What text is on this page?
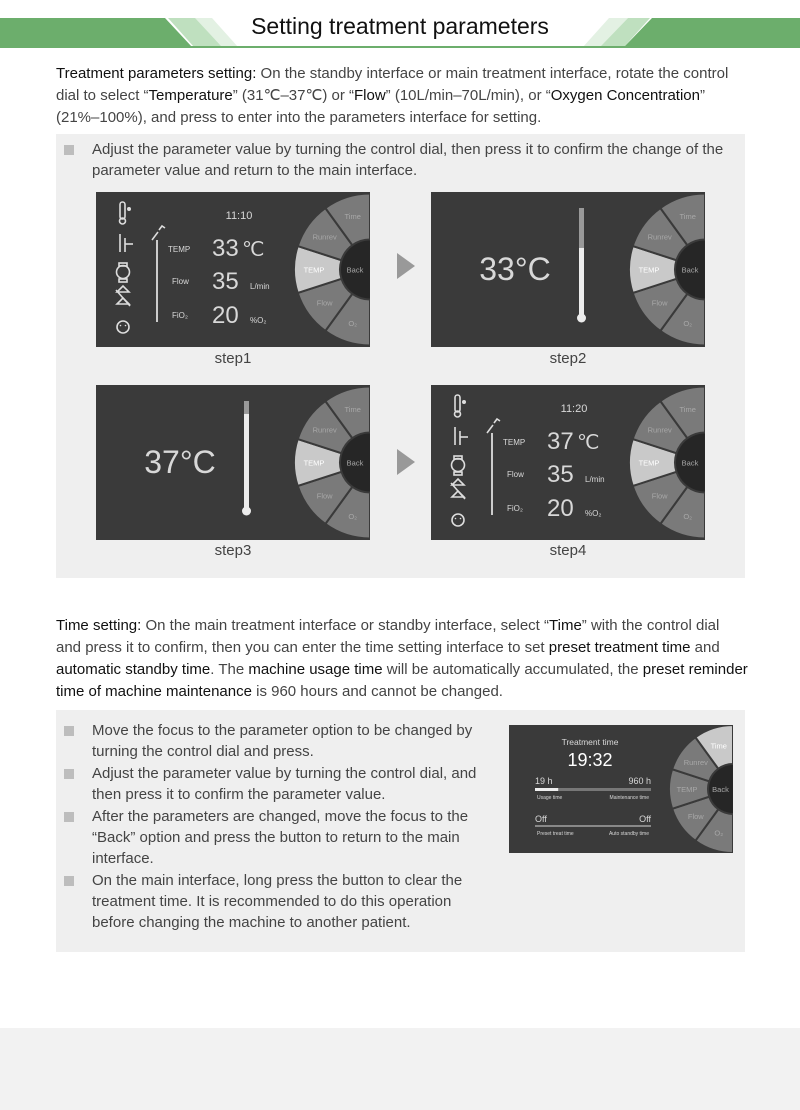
Setting treatment parameters

Treatment parameters setting: On the standby interface or main treatment interface, rotate the control dial to select “Temperature” (31℃–37℃) or “Flow” (10L/min–70L/min), or “Oxygen Concentration” (21%–100%), and press to enter into the parameters interface for setting.

Adjust the parameter value by turning the control dial, then press it to confirm the change of the parameter value and return to the main interface.
11:10
TEMP 33 ℃
Flow 35 L/min
FiO₂ 20 %O₂	O₂
Flow
TEMP
Runrev
Time
Back
step1
33°C
O₂
Flow
TEMP
Runrev
Time
Back
step2
37°C
O₂
Flow
TEMP
Runrev
Time
Back
step3
11:20
TEMP 37 ℃
Flow 35 L/min
FiO₂ 20 %O₂	O₂
Flow
TEMP
Runrev
Time
Back
step4

Time setting: On the main treatment interface or standby interface, select “Time” with the control dial and press it to confirm, then you can enter the time setting interface to set preset treatment time and automatic standby time. The machine usage time will be automatically accumulated, the preset reminder time of machine maintenance is 960 hours and cannot be changed.

Move the focus to the parameter option to be changed by turning the control dial and press.
Adjust the parameter value by turning the control dial, and then press it to confirm the parameter value.
After the parameters are changed, move the focus to the “Back” option and press the button to return to the main interface.
On the main interface, long press the button to clear the treatment time. It is recommended to do this operation before changing the machine to another patient.
Treatment time
19:32
19 h	960 h
Usage time	Maintenance time
Off	Off
Preset treat time	Auto standby time	O₂
Flow
TEMP
Runrev
Time
Back
